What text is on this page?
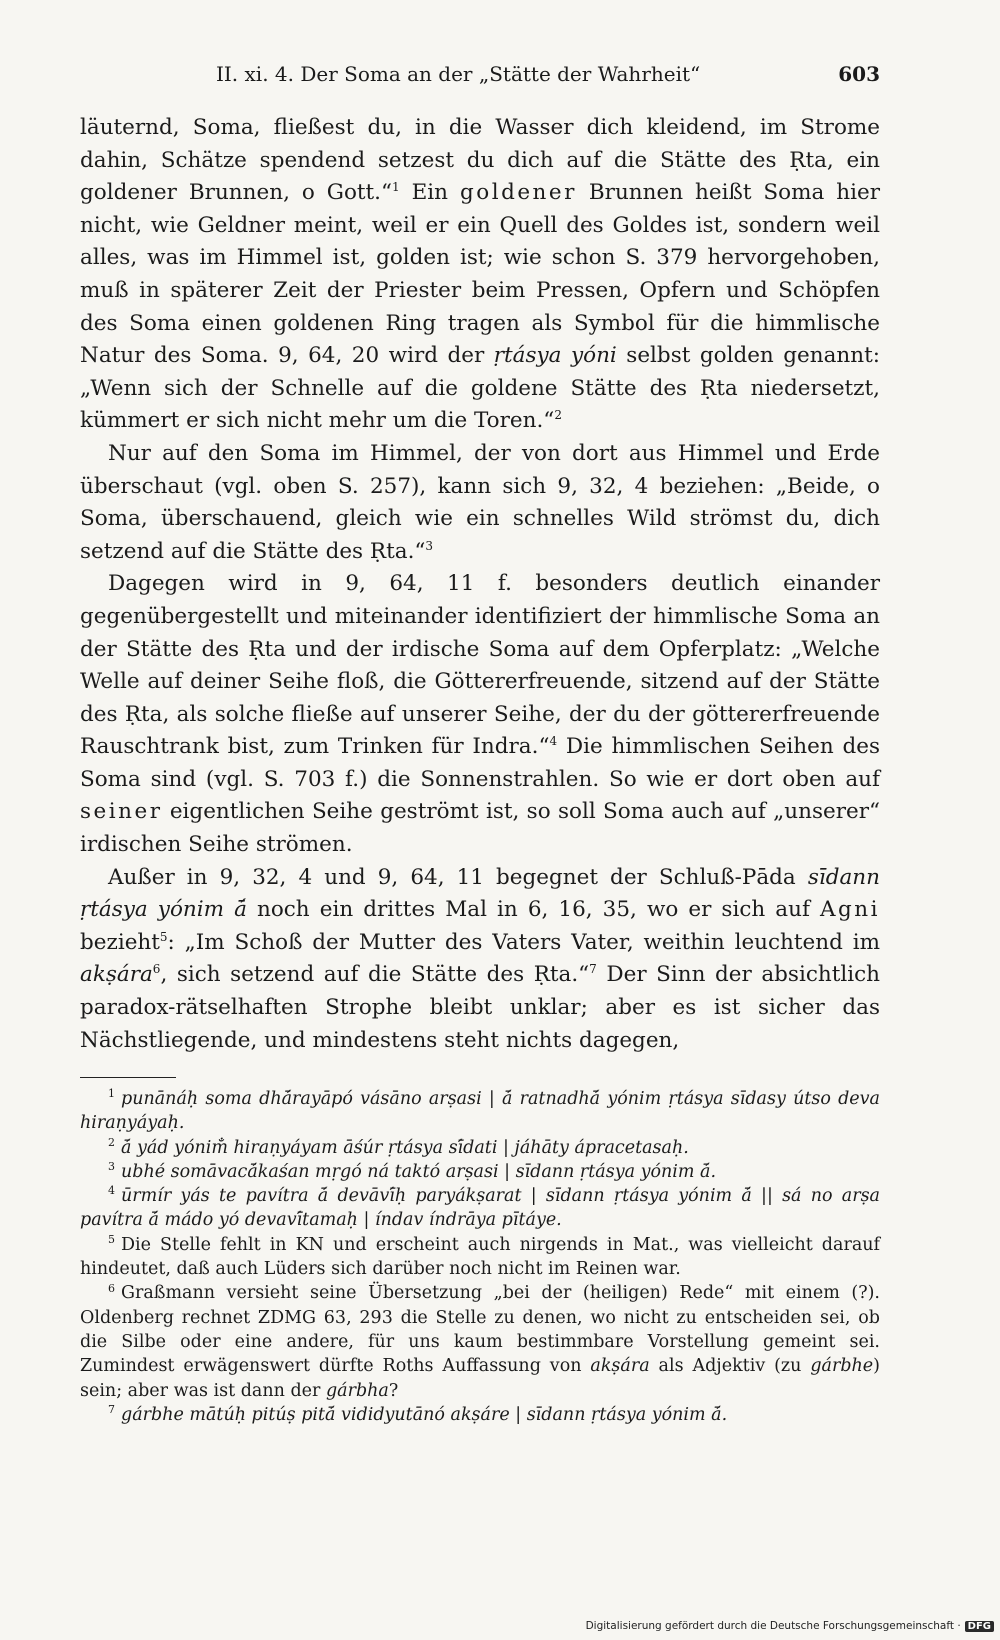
II. xi. 4. Der Soma an der „Stätte der Wahrheit“	603

läuternd, Soma, fließest du, in die Wasser dich kleidend, im Strome dahin, Schätze spendend setzest du dich auf die Stätte des Ṛta, ein goldener Brunnen, o Gott.“$^1$ Ein goldener Brunnen heißt Soma hier nicht, wie Geldner meint, weil er ein Quell des Goldes ist, sondern weil alles, was im Himmel ist, golden ist; wie schon S. 379 hervorgehoben, muß in späterer Zeit der Priester beim Pressen, Opfern und Schöpfen des Soma einen goldenen Ring tragen als Symbol für die himmlische Natur des Soma. 9, 64, 20 wird der ṛtásya yóni selbst golden genannt: „Wenn sich der Schnelle auf die goldene Stätte des Ṛta niedersetzt, kümmert er sich nicht mehr um die Toren.“$^2$

Nur auf den Soma im Himmel, der von dort aus Himmel und Erde überschaut (vgl. oben S. 257), kann sich 9, 32, 4 beziehen: „Beide, o Soma, überschauend, gleich wie ein schnelles Wild strömst du, dich setzend auf die Stätte des Ṛta.“$^3$

Dagegen wird in 9, 64, 11 f. besonders deutlich einander gegenübergestellt und miteinander identifiziert der himmlische Soma an der Stätte des Ṛta und der irdische Soma auf dem Opferplatz: „Welche Welle auf deiner Seihe floß, die Göttererfreuende, sitzend auf der Stätte des Ṛta, als solche fließe auf unserer Seihe, der du der göttererfreuende Rauschtrank bist, zum Trinken für Indra.“$^4$ Die himmlischen Seihen des Soma sind (vgl. S. 703 f.) die Sonnenstrahlen. So wie er dort oben auf seiner eigentlichen Seihe geströmt ist, so soll Soma auch auf „unserer“ irdischen Seihe strömen.

Außer in 9, 32, 4 und 9, 64, 11 begegnet der Schluß-Pāda sīdann ṛtásya yónim ā́ noch ein drittes Mal in 6, 16, 35, wo er sich auf Agni bezieht$^5$: „Im Schoß der Mutter des Vaters Vater, weithin leuchtend im akṣára$^6$, sich setzend auf die Stätte des Ṛta.“$^7$ Der Sinn der absichtlich paradox-rätselhaften Strophe bleibt unklar; aber es ist sicher das Nächstliegende, und mindestens steht nichts dagegen,

$^1$ punānáḥ soma dhā́rayāpó vásāno arṣasi | ā́ ratnadhā́ yónim ṛtásya sīdasy útso deva hiraṇyáyaḥ.

$^2$ ā́ yád yónim̐ hiraṇyáyam āśúr ṛtásya sī́dati | jáhāty ápracetasaḥ.

$^3$ ubhé somāvacā́kaśan mṛgó ná taktó arṣasi | sīdann ṛtásya yónim ā́.

$^4$ ūrmír yás te pavítra ā́ devāvī́ḥ paryákṣarat | sīdann ṛtásya yónim ā́ || sá no arṣa pavítra ā́ mádo yó devavī́tamaḥ | índav índrāya pītáye.

$^5$ Die Stelle fehlt in KN und erscheint auch nirgends in Mat., was vielleicht darauf hindeutet, daß auch Lüders sich darüber noch nicht im Reinen war.

$^6$ Graßmann versieht seine Übersetzung „bei der (heiligen) Rede“ mit einem (?). Oldenberg rechnet ZDMG 63, 293 die Stelle zu denen, wo nicht zu entscheiden sei, ob die Silbe oder eine andere, für uns kaum bestimmbare Vorstellung gemeint sei. Zumindest erwägenswert dürfte Roths Auffassung von akṣára als Adjektiv (zu gárbhe) sein; aber was ist dann der gárbha?

$^7$ gárbhe mātúḥ pitúṣ pitā́ vididyutānó akṣáre | sīdann ṛtásya yónim ā́.

Digitalisierung gefördert durch die Deutsche Forschungsgemeinschaft · DFG
